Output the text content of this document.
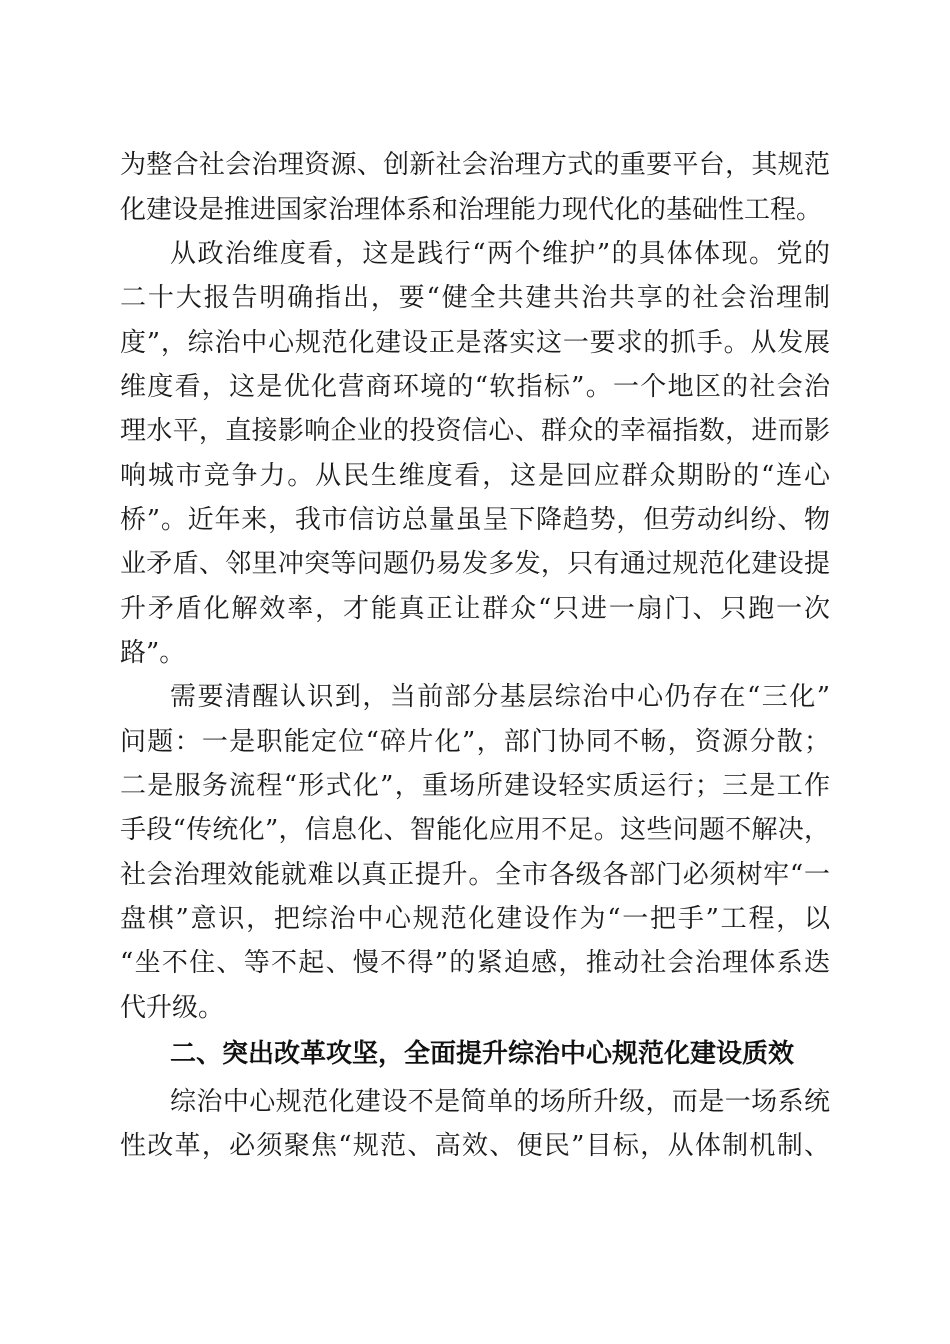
为整合社会治理资源、创新社会治理方式的重要平台，其规范
化建设是推进国家治理体系和治理能力现代化的基础性工程。
从政治维度看，这是践行“两个维护”的具体体现。党的
二十大报告明确指出，要“健全共建共治共享的社会治理制
度”，综治中心规范化建设正是落实这一要求的抓手。从发展
维度看，这是优化营商环境的“软指标”。一个地区的社会治
理水平，直接影响企业的投资信心、群众的幸福指数，进而影
响城市竞争力。从民生维度看，这是回应群众期盼的“连心
桥”。近年来，我市信访总量虽呈下降趋势，但劳动纠纷、物
业矛盾、邻里冲突等问题仍易发多发，只有通过规范化建设提
升矛盾化解效率，才能真正让群众“只进一扇门、只跑一次
路”。
需要清醒认识到，当前部分基层综治中心仍存在“三化”
问题：一是职能定位“碎片化”，部门协同不畅，资源分散；
二是服务流程“形式化”，重场所建设轻实质运行；三是工作
手段“传统化”，信息化、智能化应用不足。这些问题不解决，
社会治理效能就难以真正提升。全市各级各部门必须树牢“一
盘棋”意识，把综治中心规范化建设作为“一把手”工程，以
“坐不住、等不起、慢不得”的紧迫感，推动社会治理体系迭
代升级。
二、突出改革攻坚，全面提升综治中心规范化建设质效
综治中心规范化建设不是简单的场所升级，而是一场系统
性改革，必须聚焦“规范、高效、便民”目标，从体制机制、
